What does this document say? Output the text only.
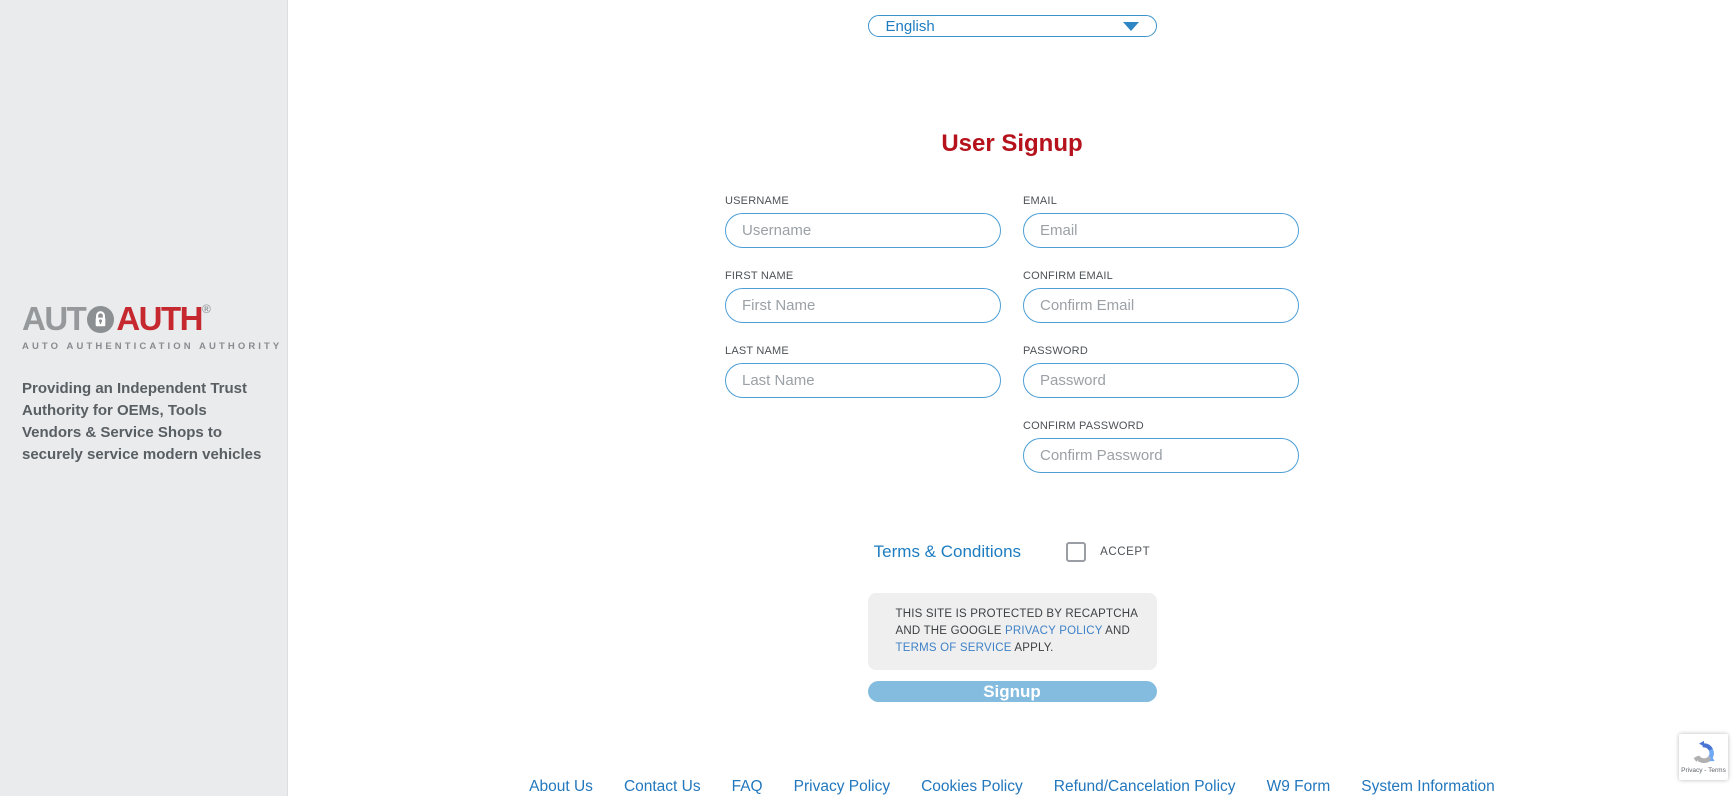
AUT AUTH ®
AUTO AUTHENTICATION AUTHORITY

Providing an Independent Trust Authority for OEMs, Tools Vendors & Service Shops to securely service modern vehicles

English
User Signup
USERNAME
Username
FIRST NAME
First Name
LAST NAME
Last Name
EMAIL
Email
CONFIRM EMAIL
Confirm Email
PASSWORD
CONFIRM PASSWORD
Terms & Conditions	ACCEPT
THIS SITE IS PROTECTED BY RECAPTCHA AND THE GOOGLE PRIVACY POLICY AND TERMS OF SERVICE APPLY.
Signup
About Us Contact Us FAQ Privacy Policy Cookies Policy Refund/Cancelation Policy W9 Form System Information
Privacy - Terms
